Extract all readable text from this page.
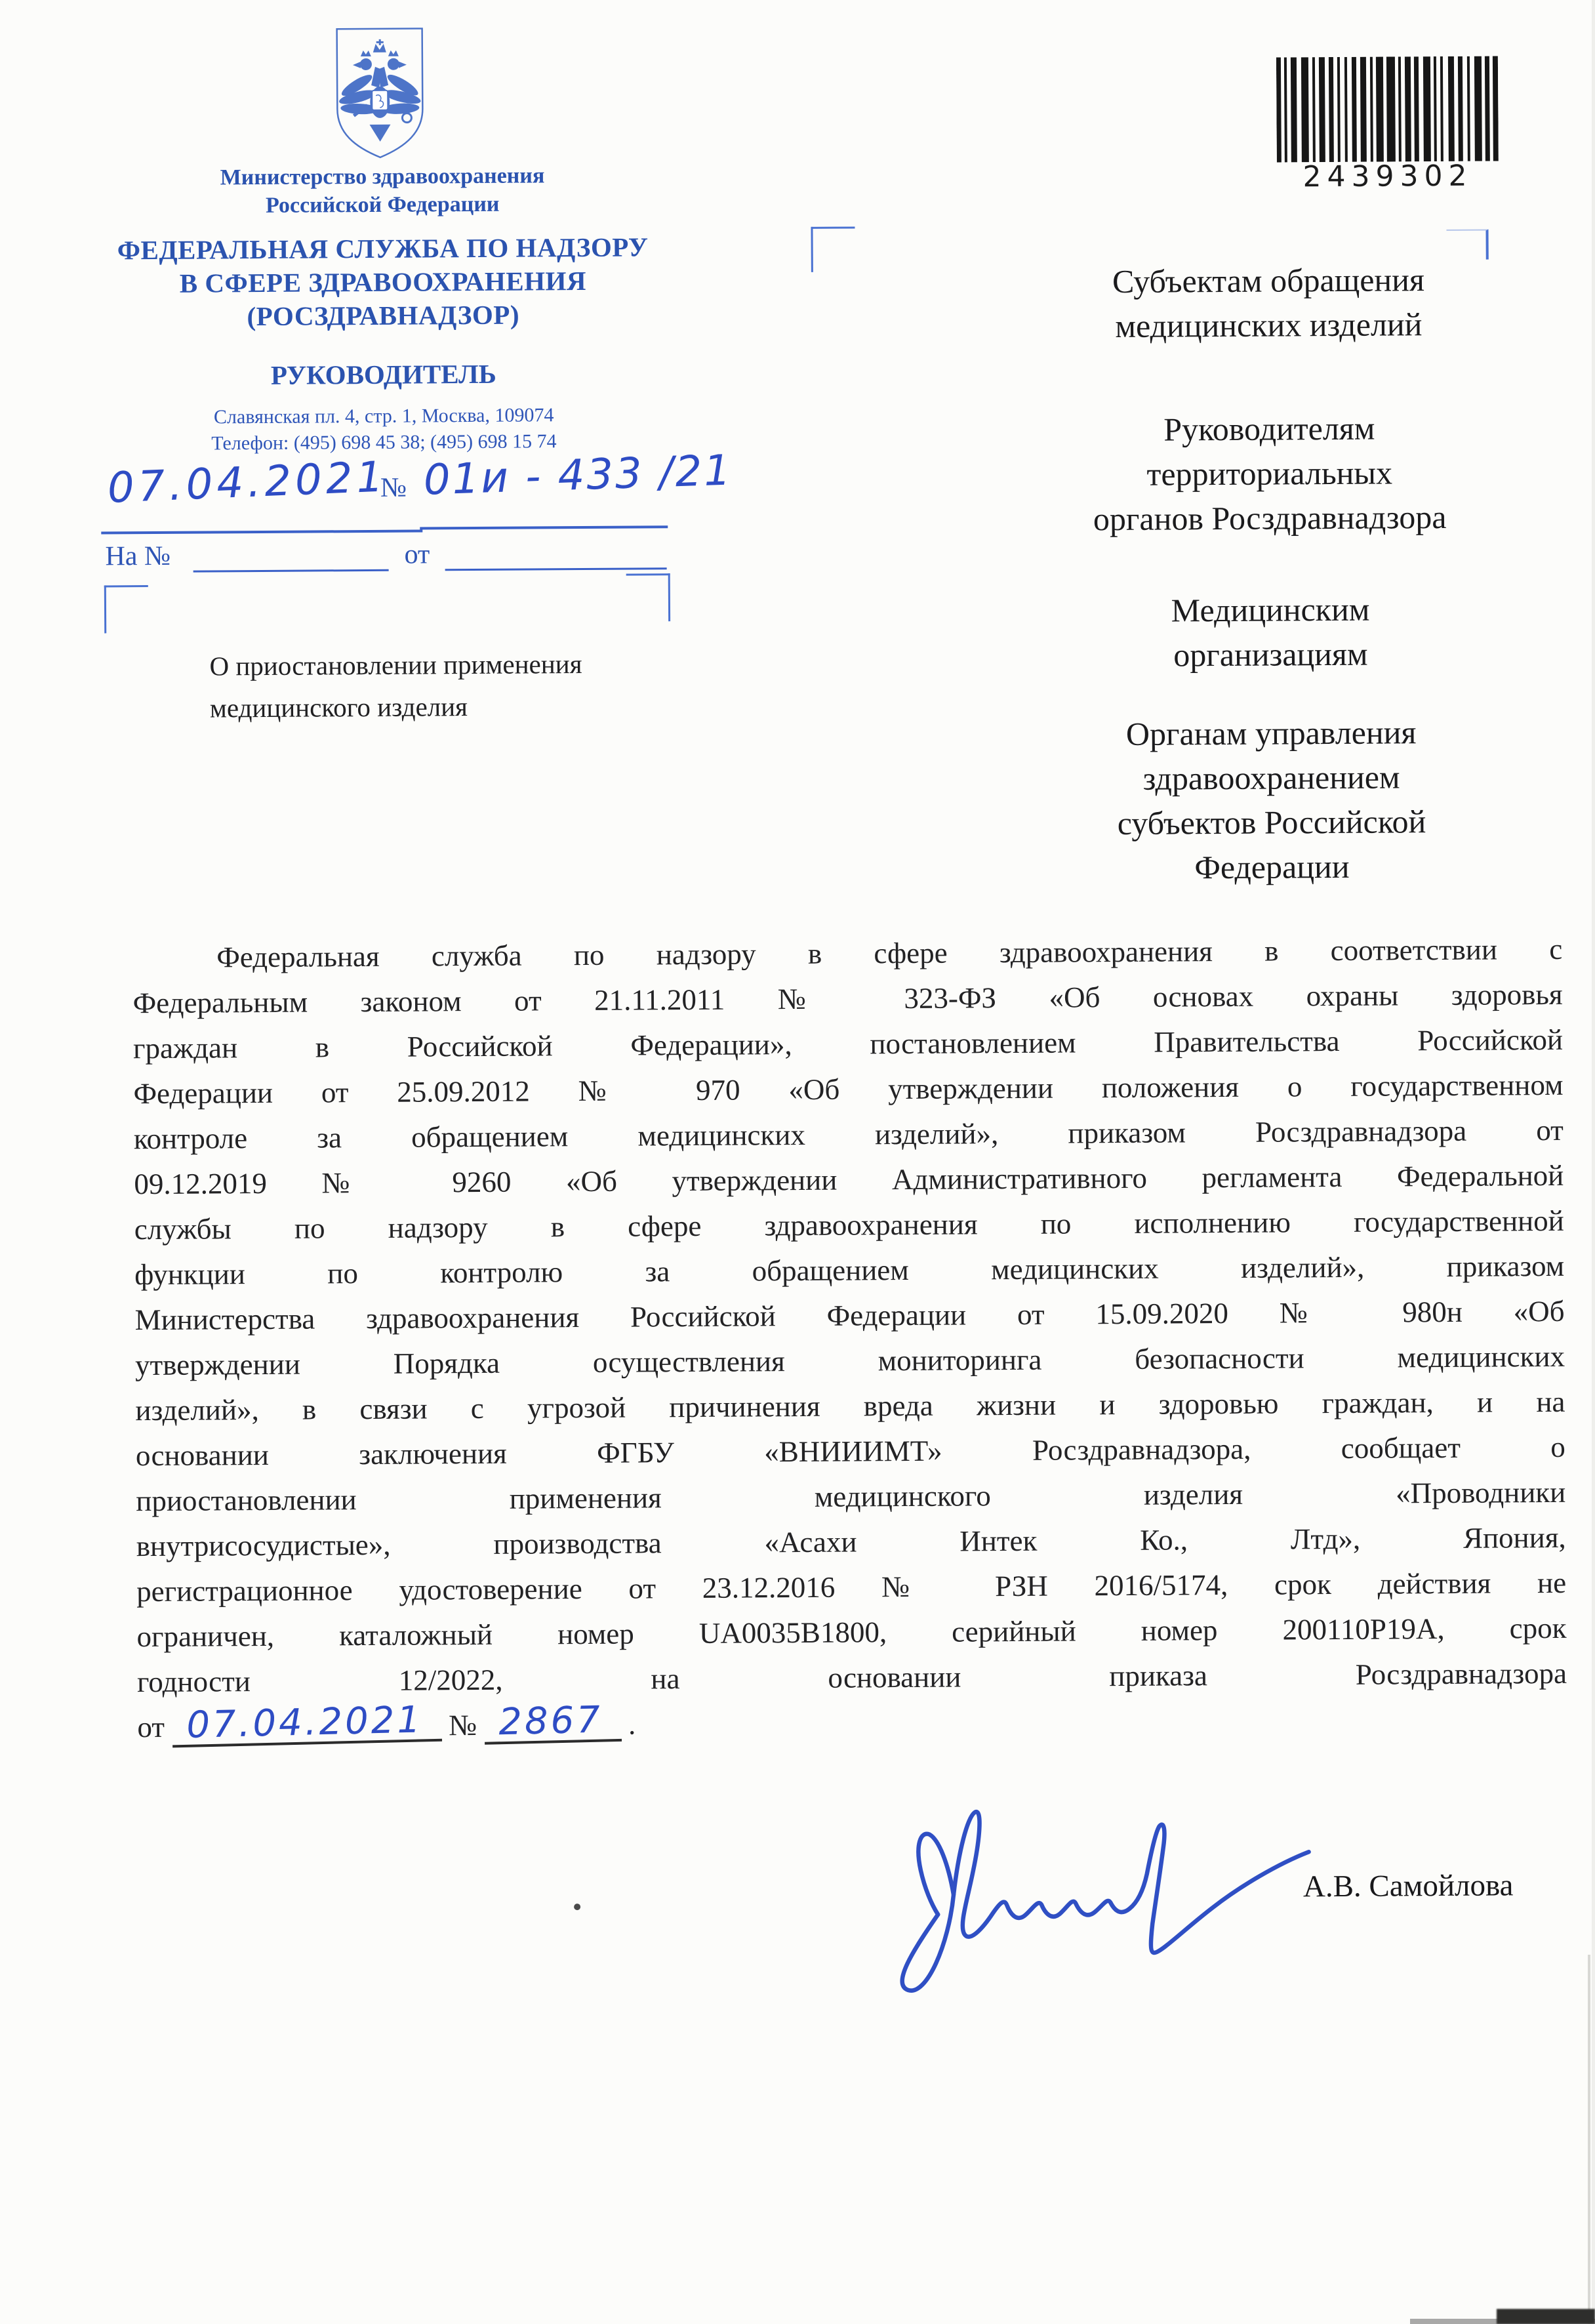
Министерство здравоохранения
Российской Федерации
ФЕДЕРАЛЬНАЯ СЛУЖБА ПО НАДЗОРУ
В СФЕРЕ ЗДРАВООХРАНЕНИЯ
(РОСЗДРАВНАДЗОР)
РУКОВОДИТЕЛЬ
Славянская пл. 4, стр. 1, Москва, 109074
Телефон: (495) 698 45 38; (495) 698 15 74
07.04.2021
№ 01и - 433 /21
На №	от
2439302
Субъектам обращения
медицинских изделий
Руководителям
территориальных
органов Росздравнадзора
Медицинским
организациям
Органам управления
здравоохранением
субъектов Российской
Федерации
О приостановлении применения
медицинского изделия
Федеральная служба по надзору в сфере здравоохранения в соответствии с
Федеральным законом от 21.11.2011 № 323-ФЗ «Об основах охраны здоровья
граждан в Российской Федерации», постановлением Правительства Российской
Федерации от 25.09.2012 № 970 «Об утверждении положения о государственном
контроле за обращением медицинских изделий», приказом Росздравнадзора от
09.12.2019 № 9260 «Об утверждении Административного регламента Федеральной
службы по надзору в сфере здравоохранения по исполнению государственной
функции по контролю за обращением медицинских изделий», приказом
Министерства здравоохранения Российской Федерации от 15.09.2020 № 980н «Об
утверждении Порядка осуществления мониторинга безопасности медицинских
изделий», в связи с угрозой причинения вреда жизни и здоровью граждан, и на
основании заключения ФГБУ «ВНИИИМТ» Росздравнадзора, сообщает о
приостановлении применения медицинского изделия «Проводники
внутрисосудистые», производства «Асахи Интек Ко., Лтд», Япония,
регистрационное удостоверение от 23.12.2016 № РЗН 2016/5174, срок действия не
ограничен, каталожный номер UA0035B1800, серийный номер 200110P19A, срок
годности 12/2022, на основании приказа Росздравнадзора
от 07.04.2021 № 2867 .
А.В. Самойлова
